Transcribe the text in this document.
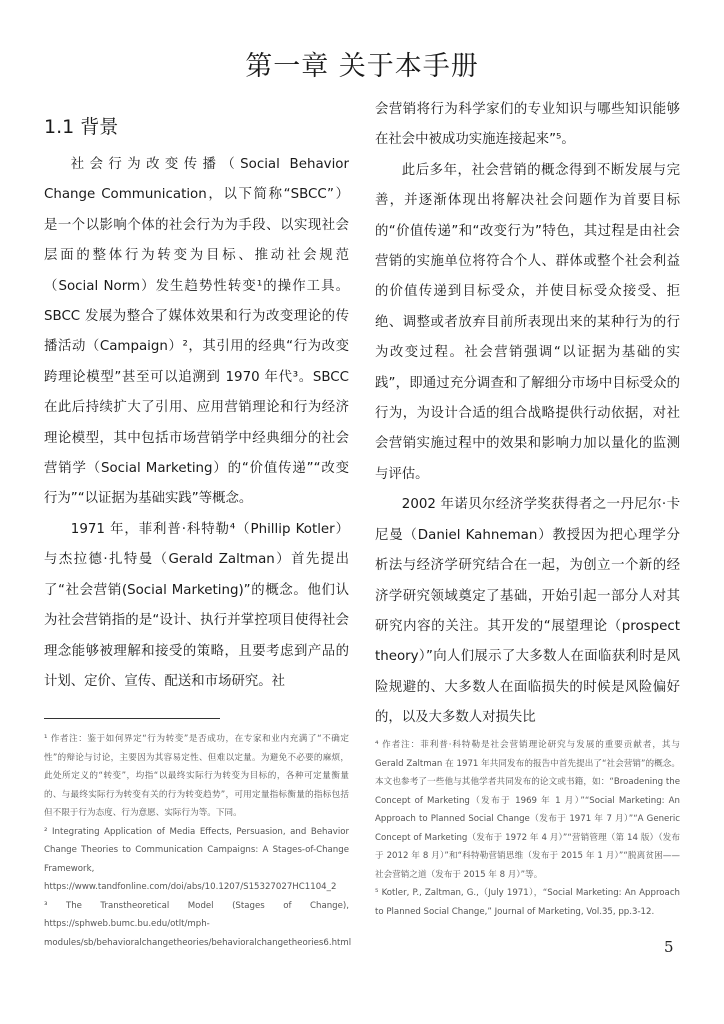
第一章 关于本手册
1.1 背景

社会行为改变传播（Social Behavior Change Communication，以下简称“SBCC”）是一个以影响个体的社会行为为手段、以实现社会层面的整体行为转变为目标、推动社会规范（Social Norm）发生趋势性转变¹的操作工具。SBCC 发展为整合了媒体效果和行为改变理论的传播活动（Campaign）²，其引用的经典“行为改变跨理论模型”甚至可以追溯到 1970 年代³。SBCC 在此后持续扩大了引用、应用营销理论和行为经济理论模型，其中包括市场营销学中经典细分的社会营销学（Social Marketing）的“价值传递”“改变行为”“以证据为基础实践”等概念。

1971 年，菲利普·科特勒⁴（Phillip Kotler）与杰拉德·扎特曼（Gerald Zaltman）首先提出了“社会营销(Social Marketing)”的概念。他们认为社会营销指的是“设计、执行并掌控项目使得社会理念能够被理解和接受的策略，且要考虑到产品的计划、定价、宣传、配送和市场研究。社

会营销将行为科学家们的专业知识与哪些知识能够在社会中被成功实施连接起来”⁵。

此后多年，社会营销的概念得到不断发展与完善，并逐渐体现出将解决社会问题作为首要目标的“价值传递”和“改变行为”特色，其过程是由社会营销的实施单位将符合个人、群体或整个社会利益的价值传递到目标受众，并使目标受众接受、拒绝、调整或者放弃目前所表现出来的某种行为的行为改变过程。社会营销强调“以证据为基础的实践”，即通过充分调查和了解细分市场中目标受众的行为，为设计合适的组合战略提供行动依据，对社会营销实施过程中的效果和影响力加以量化的监测与评估。

2002 年诺贝尔经济学奖获得者之一丹尼尔·卡尼曼（Daniel Kahneman）教授因为把心理学分析法与经济学研究结合在一起，为创立一个新的经济学研究领域奠定了基础，开始引起一部分人对其研究内容的关注。其开发的“展望理论（prospect theory）”向人们展示了大多数人在面临获利时是风险规避的、大多数人在面临损失的时候是风险偏好的，以及大多数人对损失比

¹ 作者注：鉴于如何界定“行为转变”是否成功，在专家和业内充满了“不确定性”的辩论与讨论，主要因为其容易定性、但难以定量。为避免不必要的麻烦，此处所定义的“转变”，均指“以最终实际行为转变为目标的，各种可定量衡量的、与最终实际行为转变有关的行为转变趋势”，可用定量指标衡量的指标包括但不限于行为态度、行为意愿、实际行为等。下同。

² Integrating Application of Media Effects, Persuasion, and Behavior Change Theories to Communication Campaigns: A Stages-of-Change Framework, https://www.tandfonline.com/doi/abs/10.1207/S15327027HC1104_2

³ The Transtheoretical Model (Stages of Change), https://sphweb.bumc.bu.edu/otlt/mph-modules/sb/behavioralchangetheories/behavioralchangetheories6.html

⁴ 作者注：菲利普·科特勒是社会营销理论研究与发展的重要贡献者，其与 Gerald Zaltman 在 1971 年共同发布的报告中首先提出了“社会营销”的概念。本文也参考了一些他与其他学者共同发布的论文或书籍，如：“Broadening the Concept of Marketing（发布于 1969 年 1 月）”“Social Marketing: An Approach to Planned Social Change（发布于 1971 年 7 月）”“A Generic Concept of Marketing（发布于 1972 年 4 月）”“营销管理（第 14 版）（发布于 2012 年 8 月）”和“科特勒营销思维（发布于 2015 年 1 月）”“脱离贫困——社会营销之道（发布于 2015 年 8 月）”等。

⁵ Kotler, P., Zaltman, G.,（July 1971），“Social Marketing: An Approach to Planned Social Change,” Journal of Marketing, Vol.35, pp.3-12.

5
